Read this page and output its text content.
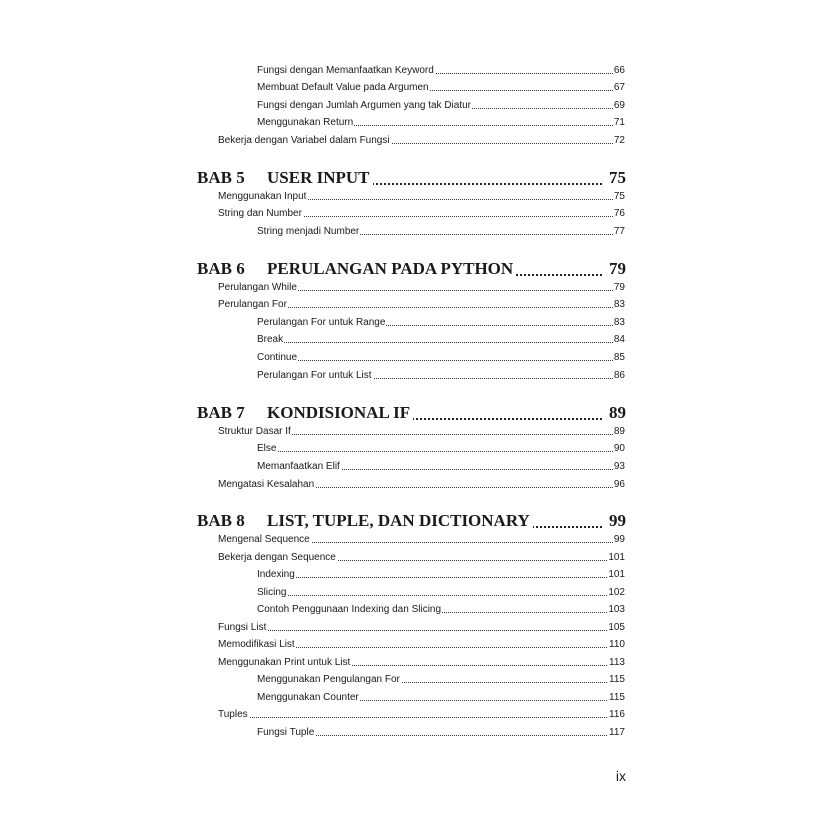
Fungsi dengan Memanfaatkan Keyword	66
Membuat Default Value pada Argumen	67
Fungsi dengan Jumlah Argumen yang tak Diatur	69
Menggunakan Return	71
Bekerja dengan Variabel dalam Fungsi	72
BAB 5 USER INPUT	75
Menggunakan Input	75
String dan Number	76
String menjadi Number	77
BAB 6 PERULANGAN PADA PYTHON	79
Perulangan While	79
Perulangan For	83
Perulangan For untuk Range	83
Break	84
Continue	85
Perulangan For untuk List	86
BAB 7 KONDISIONAL IF	89
Struktur Dasar If	89
Else	90
Memanfaatkan Elif	93
Mengatasi Kesalahan	96
BAB 8 LIST, TUPLE, DAN DICTIONARY	99
Mengenal Sequence	99
Bekerja dengan Sequence	101
Indexing	101
Slicing	102
Contoh Penggunaan Indexing dan Slicing	103
Fungsi List	105
Memodifikasi List	110
Menggunakan Print untuk List	113
Menggunakan Pengulangan For	115
Menggunakan Counter	115
Tuples	116
Fungsi Tuple	117
ix
